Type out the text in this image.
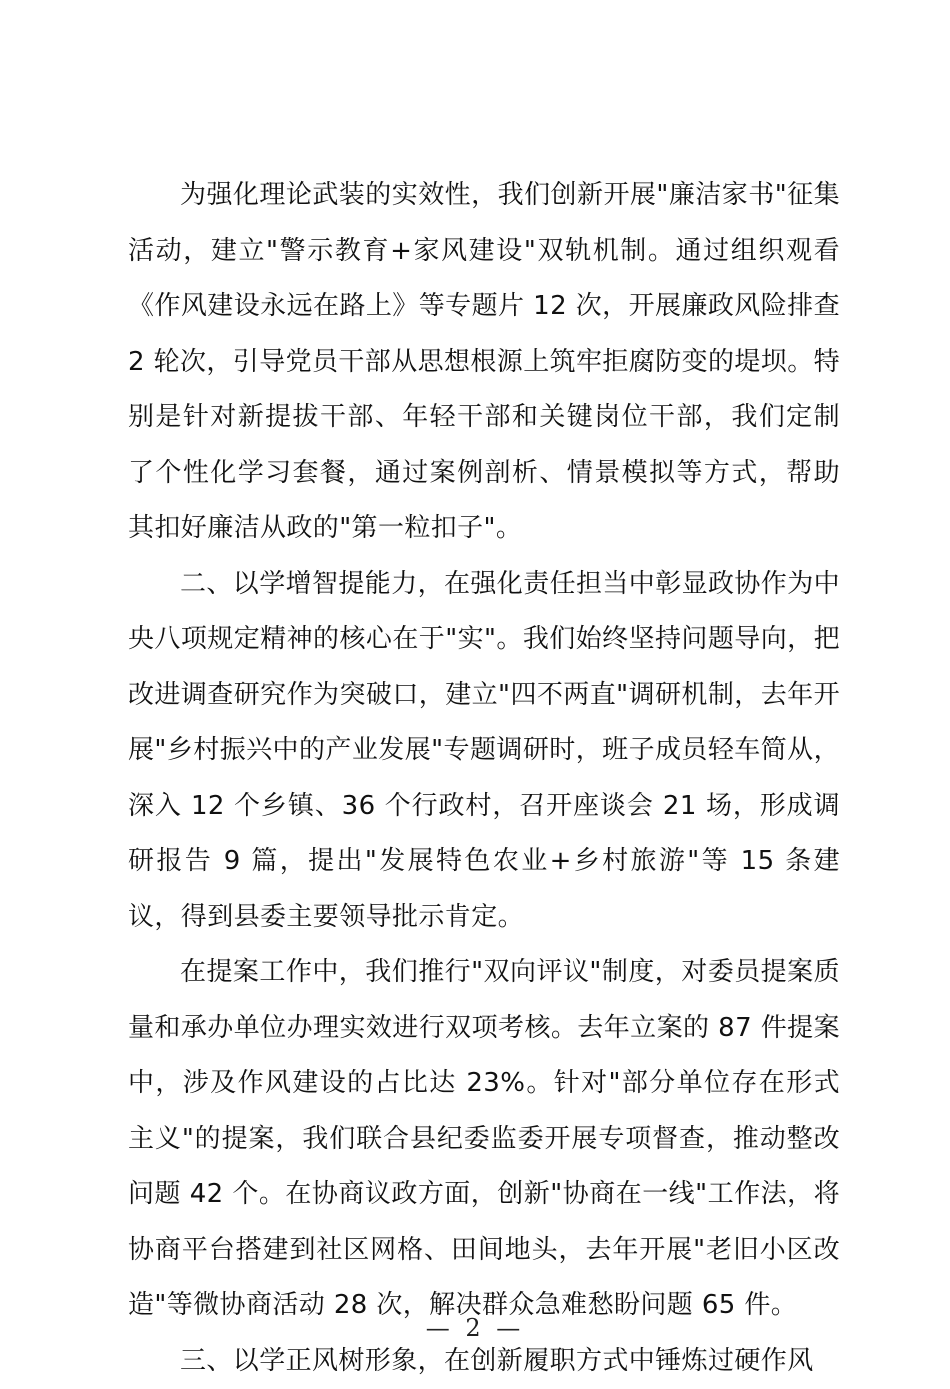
为强化理论武装的实效性，我们创新开展"廉洁家书"征集活动，建立"警示教育+家风建设"双轨机制。通过组织观看《作风建设永远在路上》等专题片 12 次，开展廉政风险排查 2 轮次，引导党员干部从思想根源上筑牢拒腐防变的堤坝。特别是针对新提拔干部、年轻干部和关键岗位干部，我们定制了个性化学习套餐，通过案例剖析、情景模拟等方式，帮助其扣好廉洁从政的"第一粒扣子"。

二、以学增智提能力，在强化责任担当中彰显政协作为中央八项规定精神的核心在于"实"。我们始终坚持问题导向，把改进调查研究作为突破口，建立"四不两直"调研机制，去年开展"乡村振兴中的产业发展"专题调研时，班子成员轻车简从，深入 12 个乡镇、36 个行政村，召开座谈会 21 场，形成调研报告 9 篇，提出"发展特色农业+乡村旅游"等 15 条建议，得到县委主要领导批示肯定。

在提案工作中，我们推行"双向评议"制度，对委员提案质量和承办单位办理实效进行双项考核。去年立案的 87 件提案中，涉及作风建设的占比达 23%。针对"部分单位存在形式主义"的提案，我们联合县纪委监委开展专项督查，推动整改问题 42 个。在协商议政方面，创新"协商在一线"工作法，将协商平台搭建到社区网格、田间地头，去年开展"老旧小区改造"等微协商活动 28 次，解决群众急难愁盼问题 65 件。

三、以学正风树形象，在创新履职方式中锤炼过硬作风

— 2 —
